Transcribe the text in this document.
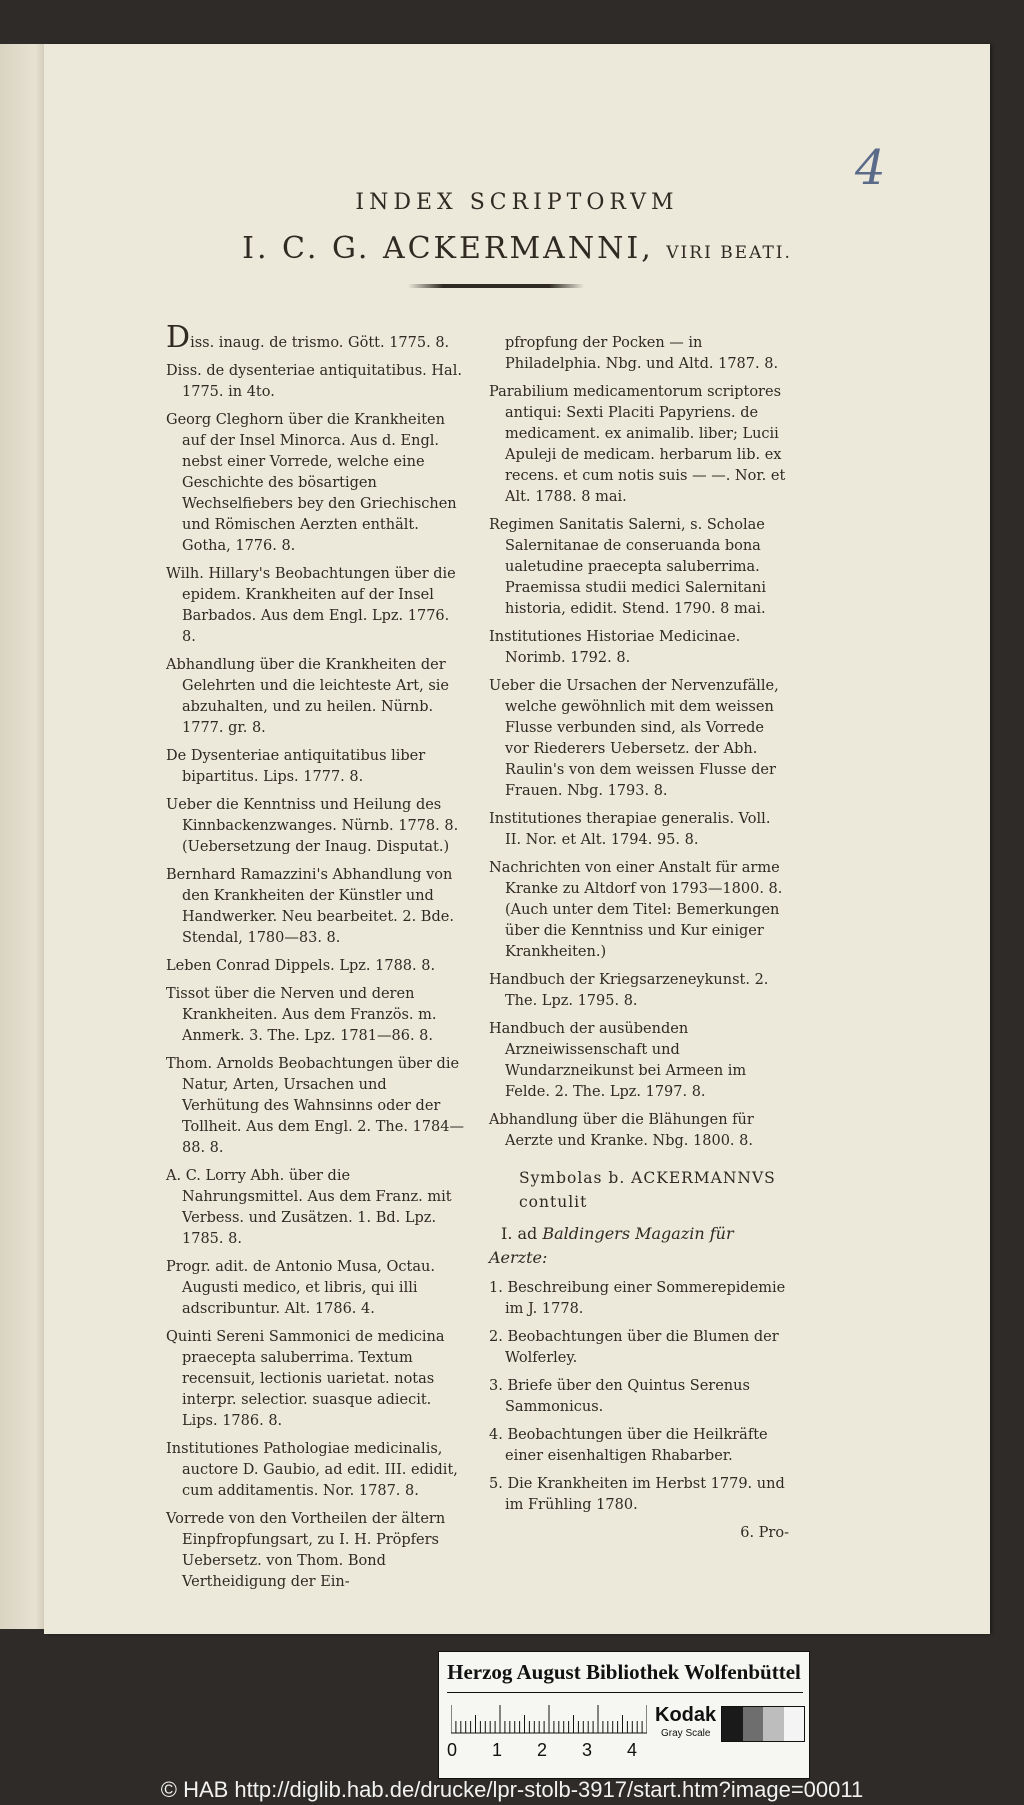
4
INDEX SCRIPTORVM
I. C. G. ACKERMANNI, VIRI BEATI.
Diss. inaug. de trismo. Gött. 1775. 8.
Diss. de dysenteriae antiquitatibus. Hal. 1775. in 4to.
Georg Cleghorn über die Krankheiten auf der Insel Minorca. Aus d. Engl. nebst einer Vorrede, welche eine Geschichte des bösartigen Wechselfiebers bey den Griechischen und Römischen Aerzten enthält. Gotha, 1776. 8.
Wilh. Hillary's Beobachtungen über die epidem. Krankheiten auf der Insel Barbados. Aus dem Engl. Lpz. 1776. 8.
Abhandlung über die Krankheiten der Gelehrten und die leichteste Art, sie abzuhalten, und zu heilen. Nürnb. 1777. gr. 8.
De Dysenteriae antiquitatibus liber bipartitus. Lips. 1777. 8.
Ueber die Kenntniss und Heilung des Kinnbackenzwanges. Nürnb. 1778. 8. (Uebersetzung der Inaug. Disputat.)
Bernhard Ramazzini's Abhandlung von den Krankheiten der Künstler und Handwerker. Neu bearbeitet. 2. Bde. Stendal, 1780—83. 8.
Leben Conrad Dippels. Lpz. 1788. 8.
Tissot über die Nerven und deren Krankheiten. Aus dem Französ. m. Anmerk. 3. The. Lpz. 1781—86. 8.
Thom. Arnolds Beobachtungen über die Natur, Arten, Ursachen und Verhütung des Wahnsinns oder der Tollheit. Aus dem Engl. 2. The. 1784—88. 8.
A. C. Lorry Abh. über die Nahrungsmittel. Aus dem Franz. mit Verbess. und Zusätzen. 1. Bd. Lpz. 1785. 8.
Progr. adit. de Antonio Musa, Octau. Augusti medico, et libris, qui illi adscribuntur. Alt. 1786. 4.
Quinti Sereni Sammonici de medicina praecepta saluberrima. Textum recensuit, lectionis uarietat. notas interpr. selectior. suasque adiecit. Lips. 1786. 8.
Institutiones Pathologiae medicinalis, auctore D. Gaubio, ad edit. III. edidit, cum additamentis. Nor. 1787. 8.
Vorrede von den Vortheilen der ältern Einpfropfungsart, zu I. H. Pröpfers Uebersetz. von Thom. Bond Vertheidigung der Ein-
pfropfung der Pocken — in Philadelphia. Nbg. und Altd. 1787. 8.
Parabilium medicamentorum scriptores antiqui: Sexti Placiti Papyriens. de medicament. ex animalib. liber; Lucii Apuleji de medicam. herbarum lib. ex recens. et cum notis suis — —. Nor. et Alt. 1788. 8 mai.
Regimen Sanitatis Salerni, s. Scholae Salernitanae de conseruanda bona ualetudine praecepta saluberrima. Praemissa studii medici Salernitani historia, edidit. Stend. 1790. 8 mai.
Institutiones Historiae Medicinae. Norimb. 1792. 8.
Ueber die Ursachen der Nervenzufälle, welche gewöhnlich mit dem weissen Flusse verbunden sind, als Vorrede vor Riederers Uebersetz. der Abh. Raulin's von dem weissen Flusse der Frauen. Nbg. 1793. 8.
Institutiones therapiae generalis. Voll. II. Nor. et Alt. 1794. 95. 8.
Nachrichten von einer Anstalt für arme Kranke zu Altdorf von 1793—1800. 8. (Auch unter dem Titel: Bemerkungen über die Kenntniss und Kur einiger Krankheiten.)
Handbuch der Kriegsarzeneykunst. 2. The. Lpz. 1795. 8.
Handbuch der ausübenden Arzneiwissenschaft und Wundarzneikunst bei Armeen im Felde. 2. The. Lpz. 1797. 8.
Abhandlung über die Blähungen für Aerzte und Kranke. Nbg. 1800. 8.
Symbolas b. ACKERMANNVS contulit
I. ad Baldingers Magazin für Aerzte:
1. Beschreibung einer Sommerepidemie im J. 1778.
2. Beobachtungen über die Blumen der Wolferley.
3. Briefe über den Quintus Serenus Sammonicus.
4. Beobachtungen über die Heilkräfte einer eisenhaltigen Rhabarber.
5. Die Krankheiten im Herbst 1779. und im Frühling 1780.
6. Pro-
Herzog August Bibliothek Wolfenbüttel
0 1 2 3 4
Kodak
Gray Scale
© HAB http://diglib.hab.de/drucke/lpr-stolb-3917/start.htm?image=00011
